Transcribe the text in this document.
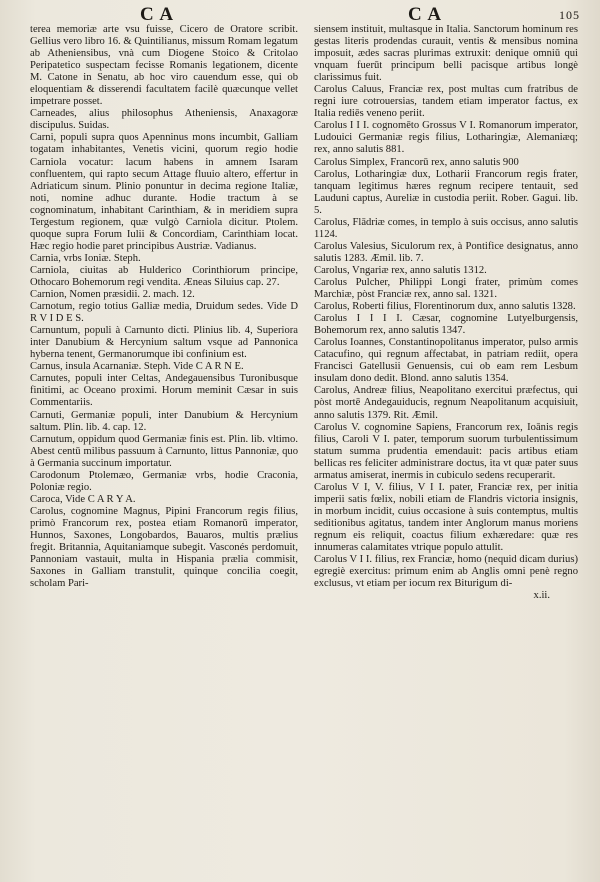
C A	C A	105

terea memoriæ arte vsu fuisse, Cicero de Oratore scribit. Gellius vero libro 16. & Quintilianus, missum Romam legatum ab Atheniensibus, vnà cum Diogene Stoico & Critolao Peripatetico suspectam fecisse Romanis legationem, dicente M. Catone in Senatu, ab hoc viro cauendum esse, qui ob eloquentiam & disserendi facultatem facilè quæcunque vellet impetrare posset.

Carneades, alius philosophus Atheniensis, Anaxagoræ discipulus. Suidas.

Carni, populi supra quos Apenninus mons incumbit, Galliam togatam inhabitantes, Venetis vicini, quorum regio hodie Carniola vocatur: lacum habens in amnem Isaram confluentem, qui rapto secum Attage fluuio altero, effertur in Adriaticum sinum. Plinio ponuntur in decima regione Italiæ, noti, nomine adhuc durante. Hodie tractum à se cognominatum, inhabitant Carinthiam, & in meridiem supra Tergestum regionem, quæ vulgò Carniola dicitur. Ptolem. quoque supra Forum Iulii & Concordiam, Carinthiam locat. Hæc regio hodie paret principibus Austriæ. Vadianus.

Carnia, vrbs Ioniæ. Steph.

Carniola, ciuitas ab Hulderico Corinthiorum principe, Othocaro Bohemorum regi vendita. Æneas Siluius cap. 27.

Carnion, Nomen præsidii. 2. mach. 12.

Carnotum, regio totius Galliæ media, Druidum sedes. Vide D R V I D E S.

Carnuntum, populi à Carnunto dicti. Plinius lib. 4, Superiora inter Danubium & Hercynium saltum vsque ad Pannonica hyberna tenent, Germanorumque ibi confinium est.

Carnus, insula Acarnaniæ. Steph. Vide C A R N E.

Carnutes, populi inter Celtas, Andegauensibus Turonibusque finitimi, ac Oceano proximi. Horum meminit Cæsar in suis Commentariis.

Carnuti, Germaniæ populi, inter Danubium & Hercynium saltum. Plin. lib. 4. cap. 12.

Carnutum, oppidum quod Germaniæ finis est. Plin. lib. vltimo. Abest centū milibus passuum à Carnunto, littus Pannoniæ, quo à Germania succinum importatur.

Carodonum Ptolemæo, Germaniæ vrbs, hodie Craconia, Poloniæ regio.

Caroca, Vide C A R Y A.

Carolus, cognomine Magnus, Pipini Francorum regis filius, primò Francorum rex, postea etiam Romanorū imperator, Hunnos, Saxones, Longobardos, Bauaros, multis prælius fregit. Britannia, Aquitaniamque subegit. Vasconés perdomuit, Pannoniam vastauit, multa in Hispania prælia commisit, Saxones in Galliam transtulit, quinque concilia coegit, scholam Pari-

siensem instituit, multasque in Italia. Sanctorum hominum res gestas literis prodendas curauit, ventis & mensibus nomina imposuit, ædes sacras plurimas extruxit: denique omniū qui vnquam fuerūt principum belli pacisque artibus longè clarissimus fuit.

Carolus Caluus, Franciæ rex, post multas cum fratribus de regni iure cotrouersias, tandem etiam imperator factus, ex Italia rediēs veneno periit.

Carolus I I I. cognomēto Grossus V I. Romanorum imperator, Ludouici Germaniæ regis filius, Lotharingiæ, Alemaniæq; rex, anno salutis 881.

Carolus Simplex, Francorū rex, anno salutis 900

Carolus, Lotharingiæ dux, Lotharii Francorum regis frater, tanquam legitimus hæres regnum recipere tentauit, sed Lauduni captus, Aureliæ in custodia periit. Rober. Gagui. lib. 5.

Carolus, Flādriæ comes, in templo à suis occisus, anno salutis 1124.

Carolus Valesius, Siculorum rex, à Pontifice designatus, anno salutis 1283. Æmil. lib. 7.

Carolus, Vngariæ rex, anno salutis 1312.

Carolus Pulcher, Philippi Longi frater, primùm comes Marchiæ, pòst Franciæ rex, anno sal. 1321.

Carolus, Roberti filius, Florentinorum dux, anno salutis 1328.

Carolus I I I I. Cæsar, cognomine Lutyelburgensis, Bohemorum rex, anno salutis 1347.

Carolus Ioannes, Constantinopolitanus imperator, pulso armis Catacufino, qui regnum affectabat, in patriam rediit, opera Francisci Gatellusii Genuensis, cui ob eam rem Lesbum insulam dono dedit. Blond. anno salutis 1354.

Carolus, Andreæ filius, Neapolitano exercitui præfectus, qui pòst mortē Andegauiducis, regnum Neapolitanum acquisiuit, anno salutis 1379. Rit. Æmil.

Carolus V. cognomine Sapiens, Francorum rex, Ioānis regis filius, Caroli V I. pater, temporum suorum turbulentissimum statum summa prudentia emendauit: pacis artibus etiam bellicas res feliciter administrare doctus, ita vt quæ pater suus armatus amiserat, inermis in cubiculo sedens recuperarit.

Carolus V I, V. filius, V I I. pater, Franciæ rex, per initia imperii satis fœlix, nobili etiam de Flandris victoria insignis, in morbum incidit, cuius occasione à suis contemptus, multis seditionibus agitatus, tandem inter Anglorum manus moriens regnum eis reliquit, coactus filium exhæredare: quæ res innumeras calamitates vtrique populo attulit.

Carolus V I I. filius, rex Franciæ, homo (nequid dicam durius) egregiè exercitus: primum enim ab Anglis omni penè regno exclusus, vt etiam per iocum rex Biturigum di-

x.ii.
